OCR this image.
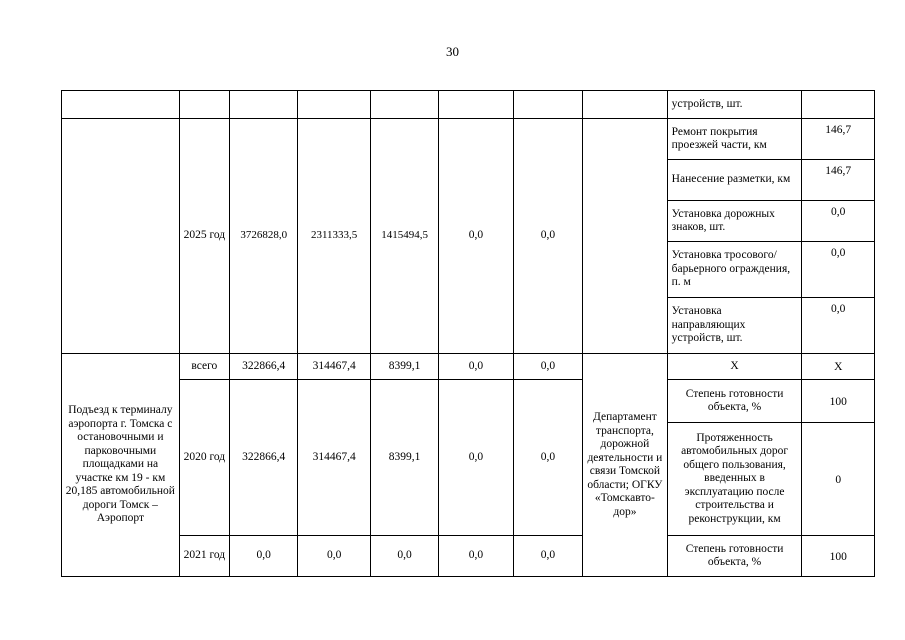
30
								устройств, шт.	
	2025 год	3726828,0	2311333,5	1415494,5	0,0	0,0		Ремонт покрытия проезжей части, км	146,7
								Нанесение разметки, км	146,7
								Установка дорожных знаков, шт.	0,0
								Установка тросового/барьерного ограждения, п. м	0,0
								Установка направляющих устройств, шт.	0,0
Подъезд к терминалу аэропорта г. Томска с остановочными и парковочными площадками на участке км 19 - км 20,185 автомобильной дороги Томск – Аэропорт	всего	322866,4	314467,4	8399,1	0,0	0,0	Департамент транспорта, дорожной деятельности и связи Томской области; ОГКУ «Томскавто-дор»	Х	Х
	2020 год	322866,4	314467,4	8399,1	0,0	0,0		Степень готовности объекта, %	100
								Протяженность автомобильных дорог общего пользования, введенных в эксплуатацию после строительства и реконструкции, км	0
	2021 год	0,0	0,0	0,0	0,0	0,0		Степень готовности объекта, %	100
